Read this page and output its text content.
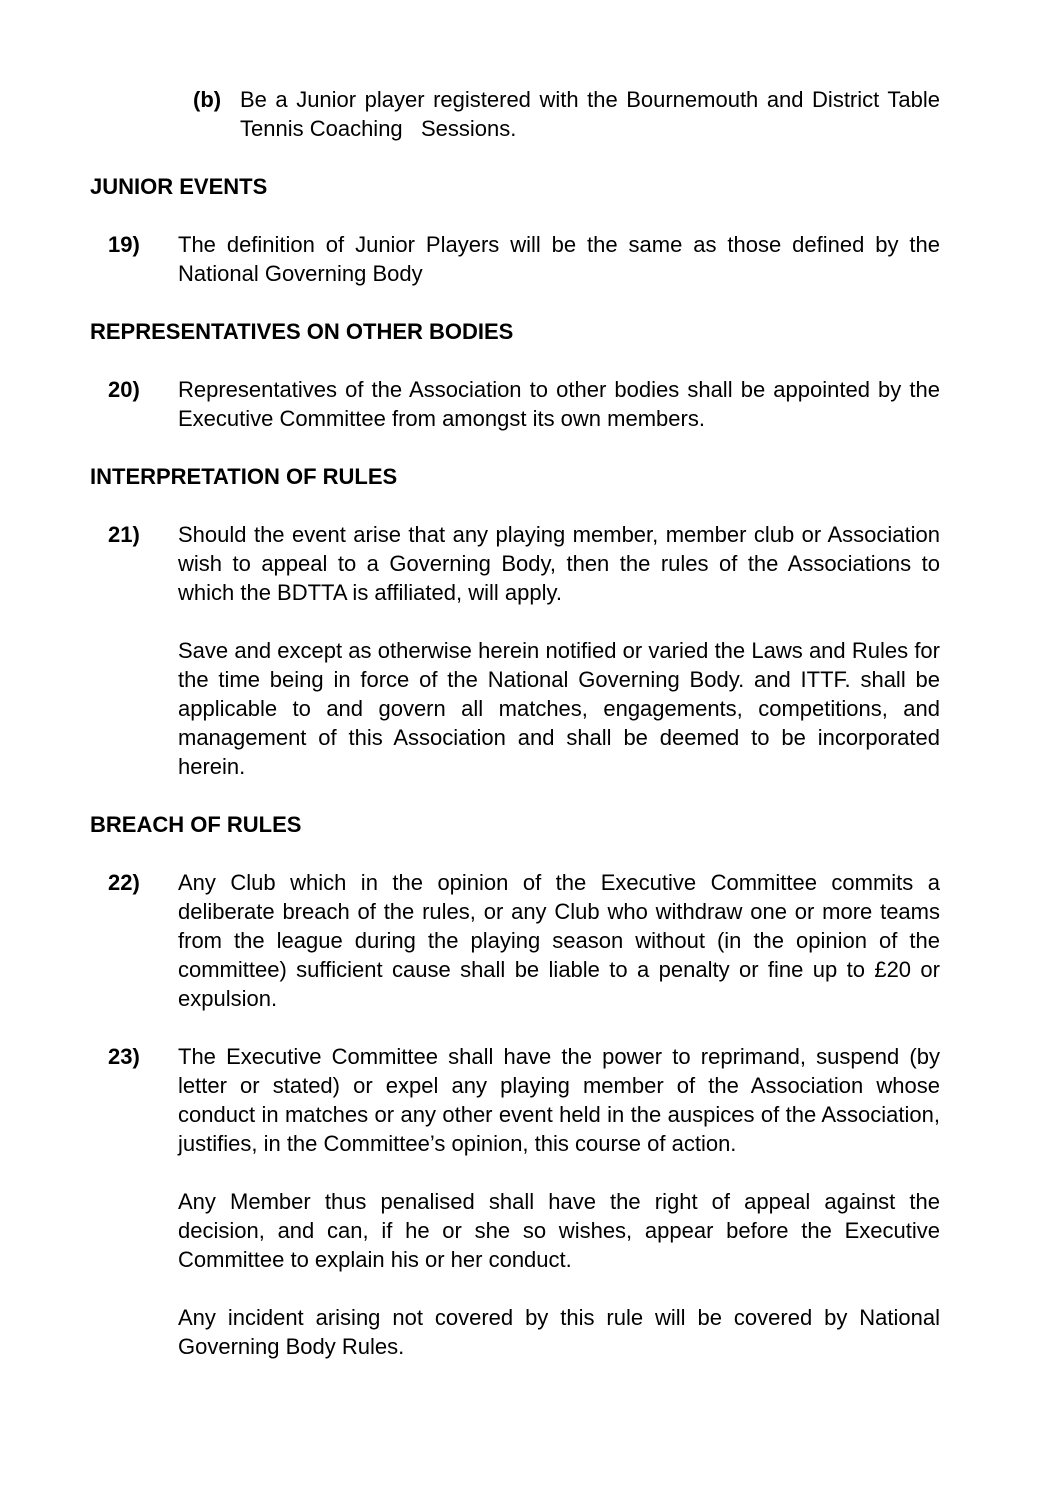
(b) Be a Junior player registered with the Bournemouth and District Table Tennis Coaching   Sessions.
JUNIOR EVENTS
19)	The definition of Junior Players will be the same as those defined by the National Governing Body

REPRESENTATIVES ON OTHER BODIES
20)	Representatives of the Association to other bodies shall be appointed by the Executive Committee from amongst its own members.

INTERPRETATION OF RULES
21)	Should the event arise that any playing member, member club or Association wish to appeal to a Governing Body, then the rules of the Associations to which the BDTTA is affiliated, will apply.

Save and except as otherwise herein notified or varied the Laws and Rules for the time being in force of the National Governing Body. and ITTF. shall be applicable to and govern all matches, engagements, competitions, and management of this Association and shall be deemed to be incorporated herein.

BREACH OF RULES
22)	Any Club which in the opinion of the Executive Committee commits a deliberate breach of the rules, or any Club who withdraw one or more teams from the league during the playing season without (in the opinion of the committee) sufficient cause shall be liable to a penalty or fine up to £20 or expulsion.

23)	The Executive Committee shall have the power to reprimand, suspend (by letter or stated) or expel any playing member of the Association whose conduct in matches or any other event held in the auspices of the Association, justifies, in the Committee’s opinion, this course of action.

Any Member thus penalised shall have the right of appeal against the decision, and can, if he or she so wishes, appear before the Executive Committee to explain his or her conduct.

Any incident arising not covered by this rule will be covered by National Governing Body Rules.
